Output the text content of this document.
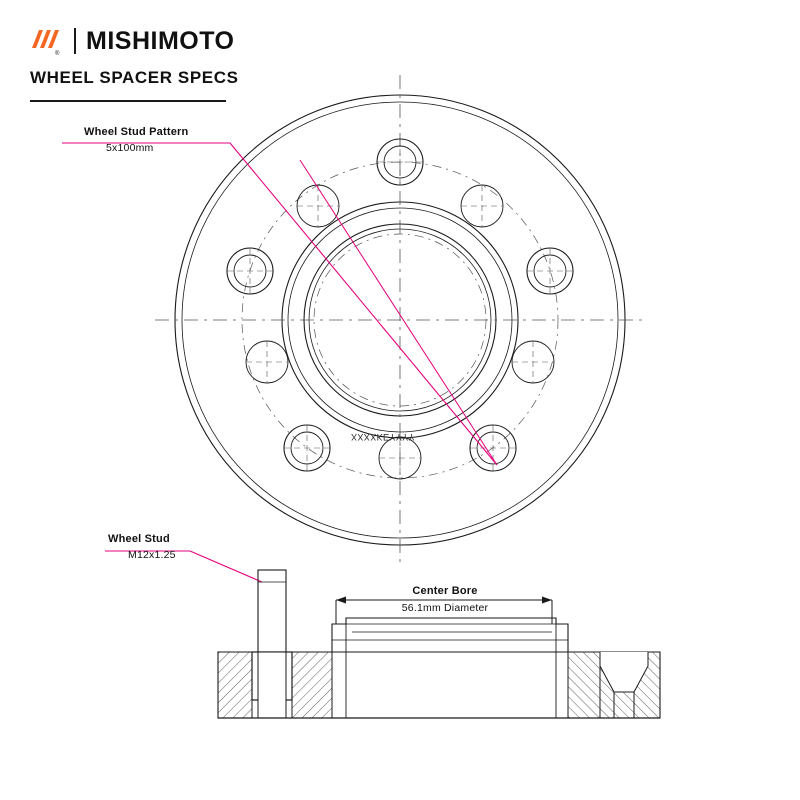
® MISHIMOTO
WHEEL SPACER SPECS
Wheel Stud Pattern
5x100mm
Wheel Stud
M12x1.25
Center Bore
56.1mm Diameter
XXXXKEYYYY
